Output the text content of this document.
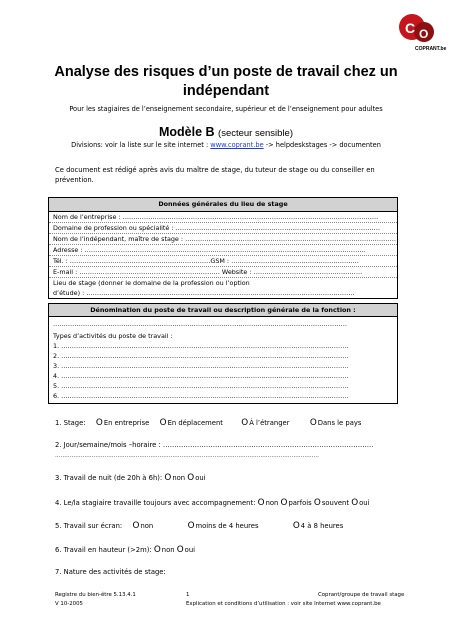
C O
COPRANT.be
Analyse des risques d’un poste de travail chez un
indépendant
Pour les stagiaires de l’enseignement secondaire, supérieur et de l’enseignement pour adultes
Modèle B (secteur sensible)
Divisions: voir la liste sur le site internet : www.coprant.be -> helpdeskstages -> documenten
Ce document est rédigé après avis du maître de stage, du tuteur de stage ou du conseiller en prévention.
Données générales du lieu de stage
Nom de l’entreprise : …………………………………………………………………………………………………………
Domaine de profession ou spécialité : ……………………………………………………………………………………
Nom de l’indépendant, maître de stage : ………………………………………………………………………………………
Adresse : ……………………………………………………………………………………………………………………
Tél. : …………………………………………………………GSM : ……………………………………………………
E-mail : ………………………………………………………… Website : ……………………………………………
Lieu de stage (donner le domaine de la profession ou l’option
d’étude) : ………………………………………………………………………………………………………………
Dénomination du poste de travail ou description générale de la fonction :
…………………………………………………………………………………………………………………………
Types d’activités du poste de travail :
1. ………………………………………………………………………………………………………………………
2. ………………………………………………………………………………………………………………………
3. ………………………………………………………………………………………………………………………
4. ………………………………………………………………………………………………………………………
5. ………………………………………………………………………………………………………………………
6. ………………………………………………………………………………………………………………………
1. Stage: OEn entreprise OEn déplacement OÀ l’étranger ODans le pays
2. Jour/semaine/mois –horaire : …………………………………………………………………………………
………………………………………………………………………………………………………………………………
3. Travail de nuit (de 20h à 6h): Onon Ooui
4. Le/la stagiaire travaille toujours avec accompagnement: Onon Oparfois Osouvent Ooui
5. Travail sur écran: Onon	Omoins de 4 heures	O4 à 8 heures
6. Travail en hauteur (>2m): Onon Ooui
7. Nature des activités de stage:
Registre du bien-être 5.13.4.1
V 10-2005
1	Coprant/groupe de travail stage
Explication et conditions d’utilisation : voir site Internet www.coprant.be
